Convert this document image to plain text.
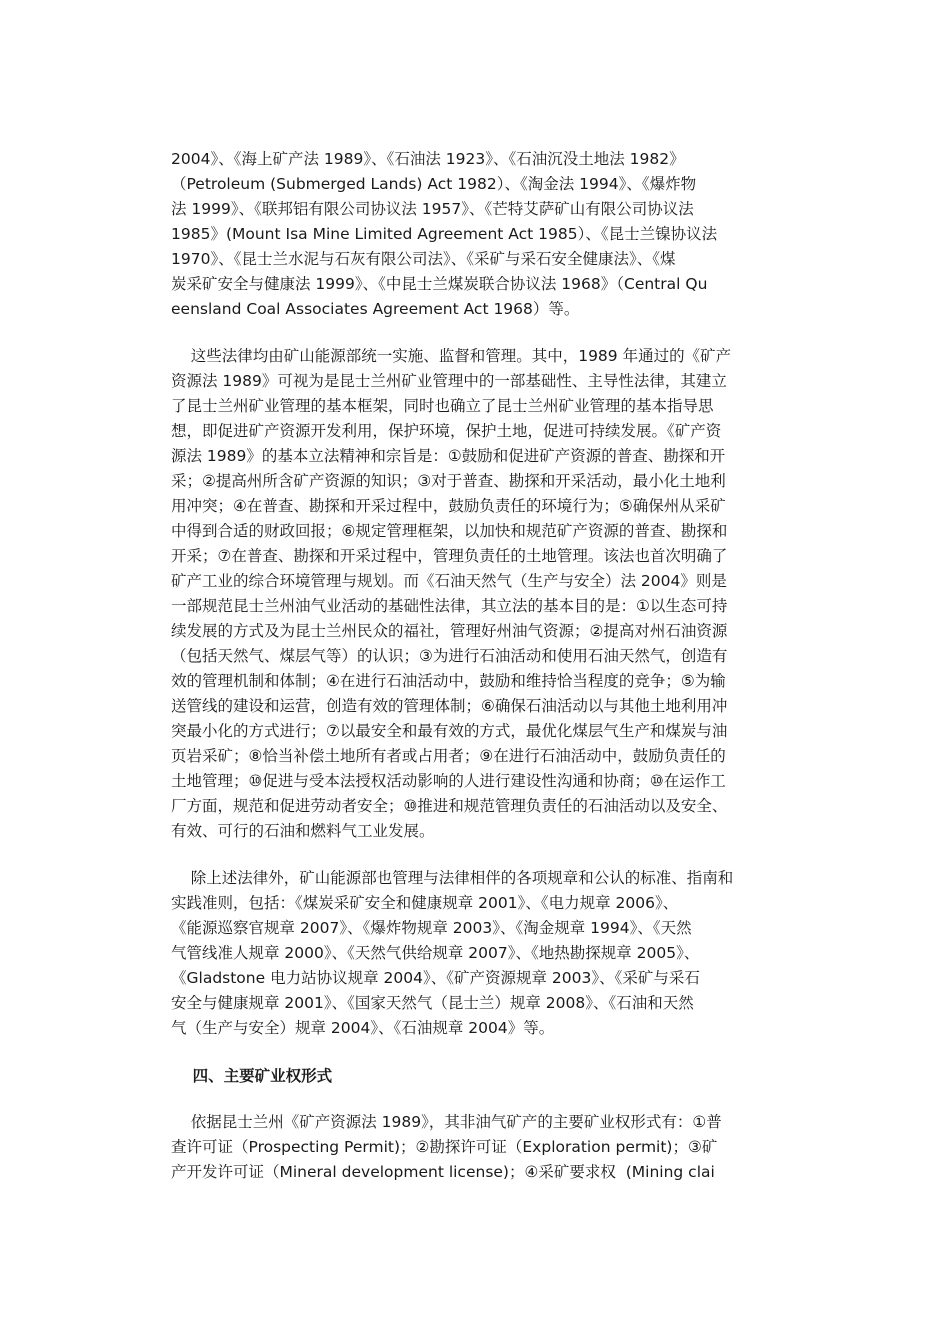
2004》、《海上矿产法 1989》、《石油法 1923》、《石油沉没土地法 1982》
（Petroleum (Submerged Lands) Act 1982）、《淘金法 1994》、《爆炸物
法 1999》、《联邦铝有限公司协议法 1957》、《芒特艾萨矿山有限公司协议法
1985》(Mount Isa Mine Limited Agreement Act 1985）、《昆士兰镍协议法
1970》、《昆士兰水泥与石灰有限公司法》、《采矿与采石安全健康法》、《煤
炭采矿安全与健康法 1999》、《中昆士兰煤炭联合协议法 1968》（Central Qu
eensland Coal Associates Agreement Act 1968）等。
这些法律均由矿山能源部统一实施、监督和管理。其中，1989 年通过的《矿产
资源法 1989》可视为是昆士兰州矿业管理中的一部基础性、主导性法律，其建立
了昆士兰州矿业管理的基本框架，同时也确立了昆士兰州矿业管理的基本指导思
想，即促进矿产资源开发利用，保护环境，保护土地，促进可持续发展。《矿产资
源法 1989》的基本立法精神和宗旨是：①鼓励和促进矿产资源的普查、勘探和开
采；②提高州所含矿产资源的知识；③对于普查、勘探和开采活动，最小化土地利
用冲突；④在普查、勘探和开采过程中，鼓励负责任的环境行为；⑤确保州从采矿
中得到合适的财政回报；⑥规定管理框架，以加快和规范矿产资源的普查、勘探和
开采；⑦在普查、勘探和开采过程中，管理负责任的土地管理。该法也首次明确了
矿产工业的综合环境管理与规划。而《石油天然气（生产与安全）法 2004》则是
一部规范昆士兰州油气业活动的基础性法律，其立法的基本目的是：①以生态可持
续发展的方式及为昆士兰州民众的福社，管理好州油气资源；②提高对州石油资源
（包括天然气、煤层气等）的认识；③为进行石油活动和使用石油天然气，创造有
效的管理机制和体制；④在进行石油活动中，鼓励和维持恰当程度的竞争；⑤为输
送管线的建设和运营，创造有效的管理体制；⑥确保石油活动以与其他土地利用冲
突最小化的方式进行；⑦以最安全和最有效的方式，最优化煤层气生产和煤炭与油
页岩采矿；⑧恰当补偿土地所有者或占用者；⑨在进行石油活动中，鼓励负责任的
土地管理；⑩促进与受本法授权活动影响的人进行建设性沟通和协商；⑩在运作工
厂方面，规范和促进劳动者安全；⑩推进和规范管理负责任的石油活动以及安全、
有效、可行的石油和燃料气工业发展。
除上述法律外，矿山能源部也管理与法律相伴的各项规章和公认的标准、指南和
实践准则，包括：《煤炭采矿安全和健康规章 2001》、《电力规章 2006》、
《能源巡察官规章 2007》、《爆炸物规章 2003》、《淘金规章 1994》、《天然
气管线准人规章 2000》、《天然气供给规章 2007》、《地热勘探规章 2005》、
《Gladstone 电力站协议规章 2004》、《矿产资源规章 2003》、《采矿与采石
安全与健康规章 2001》、《国家天然气（昆士兰）规章 2008》、《石油和天然
气（生产与安全）规章 2004》、《石油规章 2004》等。
四、主要矿业权形式
依据昆士兰州《矿产资源法 1989》，其非油气矿产的主要矿业权形式有：①普
查许可证（Prospecting Permit)；②勘探许可证（Exploration permit)；③矿
产开发许可证（Mineral development license)；④采矿要求权  (Mining clai
